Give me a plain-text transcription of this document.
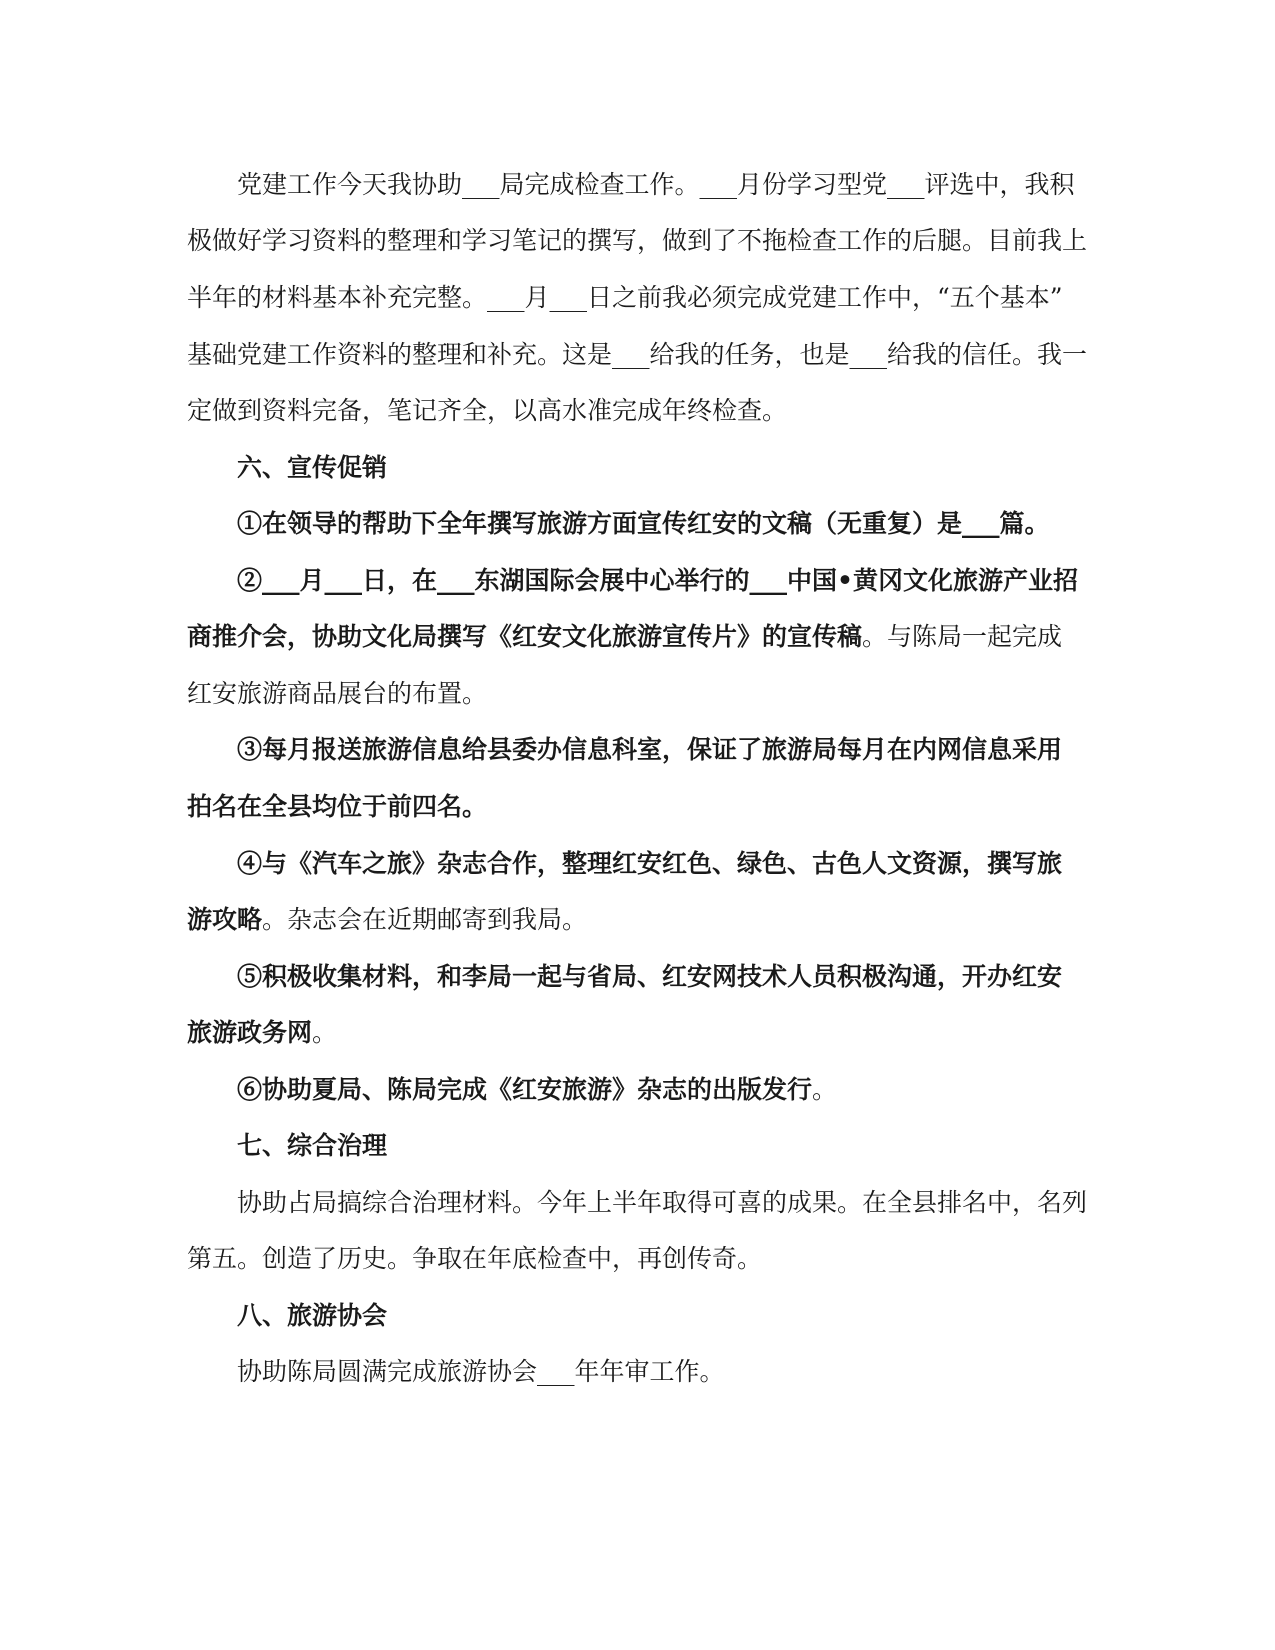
党建工作今天我协助___局完成检查工作。___月份学习型党___评选中，我积
极做好学习资料的整理和学习笔记的撰写，做到了不拖检查工作的后腿。目前我上
半年的材料基本补充完整。___月___日之前我必须完成党建工作中，“五个基本”
基础党建工作资料的整理和补充。这是___给我的任务，也是___给我的信任。我一
定做到资料完备，笔记齐全，以高水准完成年终检查。
六、宣传促销
①在领导的帮助下全年撰写旅游方面宣传红安的文稿（无重复）是___篇。
②___月___日，在___东湖国际会展中心举行的___中国•黄冈文化旅游产业招
商推介会，协助文化局撰写《红安文化旅游宣传片》的宣传稿。与陈局一起完成
红安旅游商品展台的布置。
③每月报送旅游信息给县委办信息科室，保证了旅游局每月在内网信息采用
拍名在全县均位于前四名。
④与《汽车之旅》杂志合作，整理红安红色、绿色、古色人文资源，撰写旅
游攻略。杂志会在近期邮寄到我局。
⑤积极收集材料，和李局一起与省局、红安网技术人员积极沟通，开办红安
旅游政务网。
⑥协助夏局、陈局完成《红安旅游》杂志的出版发行。
七、综合治理
协助占局搞综合治理材料。今年上半年取得可喜的成果。在全县排名中，名列
第五。创造了历史。争取在年底检查中，再创传奇。
八、旅游协会
协助陈局圆满完成旅游协会___年年审工作。
